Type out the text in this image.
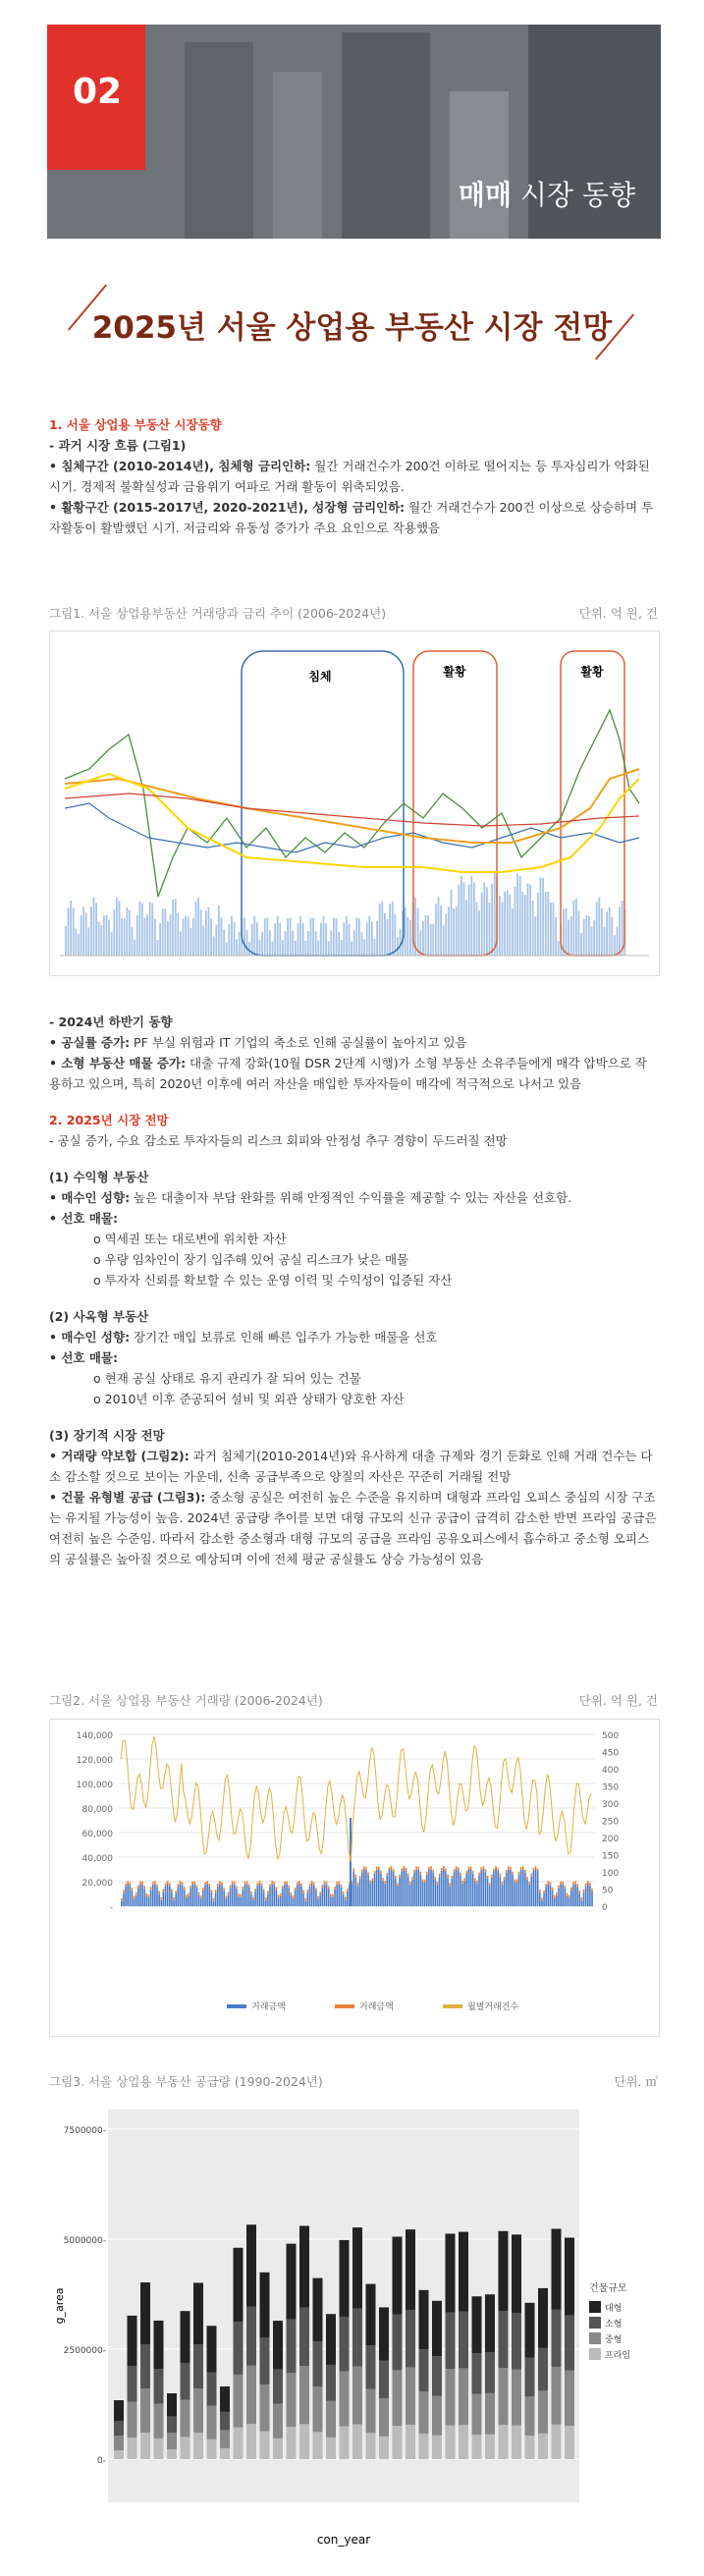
02
매매 시장 동향
2025년 서울 상업용 부동산 시장 전망
1. 서울 상업용 부동산 시장동향
- 과거 시장 흐름 (그림1)
• 침체구간 (2010-2014년), 침체형 금리인하: 월간 거래건수가 200건 이하로 떨어지는 등 투자심리가 악화된 시기. 경제적 불확실성과 금융위기 여파로 거래 활동이 위축되었음.
• 활황구간 (2015-2017년, 2020-2021년), 성장형 금리인하: 월간 거래건수가 200건 이상으로 상승하며 투자활동이 활발했던 시기. 저금리와 유동성 증가가 주요 요인으로 작용했음
그림1. 서울 상업용부동산 거래량과 금리 추이 (2006-2024년)	단위. 억 원, 건
침체	활황	활황
- 2024년 하반기 동향
• 공실률 증가: PF 부실 위험과 IT 기업의 축소로 인해 공실률이 높아지고 있음
• 소형 부동산 매물 증가: 대출 규제 강화(10월 DSR 2단계 시행)가 소형 부동산 소유주들에게 매각 압박으로 작용하고 있으며, 특히 2020년 이후에 여러 자산을 매입한 투자자들이 매각에 적극적으로 나서고 있음
2. 2025년 시장 전망
- 공실 증가, 수요 감소로 투자자들의 리스크 회피와 안정성 추구 경향이 두드러질 전망
(1) 수익형 부동산
• 매수인 성향: 높은 대출이자 부담 완화를 위해 안정적인 수익률을 제공할 수 있는 자산을 선호함.
• 선호 매물:
o 역세권 또는 대로변에 위치한 자산
o 우량 임차인이 장기 입주해 있어 공실 리스크가 낮은 매물
o 투자자 신뢰를 확보할 수 있는 운영 이력 및 수익성이 입증된 자산
(2) 사옥형 부동산
• 매수인 성향: 장기간 매입 보류로 인해 빠른 입주가 가능한 매물을 선호
• 선호 매물:
o 현재 공실 상태로 유지 관리가 잘 되어 있는 건물
o 2010년 이후 준공되어 설비 및 외관 상태가 양호한 자산
(3) 장기적 시장 전망
• 거래량 약보합 (그림2): 과거 침체기(2010-2014년)와 유사하게 대출 규제와 경기 둔화로 인해 거래 건수는 다소 감소할 것으로 보이는 가운데, 신축 공급부족으로 양질의 자산은 꾸준히 거래될 전망
• 건물 유형별 공급 (그림3): 중소형 공실은 여전히 높은 수준을 유지하며 대형과 프라임 오피스 중심의 시장 구조는 유지될 가능성이 높음. 2024년 공급량 추이를 보면 대형 규모의 신규 공급이 급격히 감소한 반면 프라임 공급은 여전히 높은 수준임. 따라서 감소한 중소형과 대형 규모의 공급을 프라임 공유오피스에서 흡수하고 중소형 오피스의 공실률은 높아질 것으로 예상되며 이에 전체 평균 공실률도 상승 가능성이 있음
그림2. 서울 상업용 부동산 거래량 (2006-2024년)	단위. 억 원, 건
140,000
120,000
100,000
80,000
60,000
40,000
20,000
-
500
450
400
350
300
250
200
150
100
50
0
거래금액	거래금액	월별거래건수
그림3. 서울 상업용 부동산 공급량 (1990-2024년)	단위. ㎡
7500000-
5000000-
2500000-
0-
con_year
g_area	건물규모
대형
소형
중형
프라임
